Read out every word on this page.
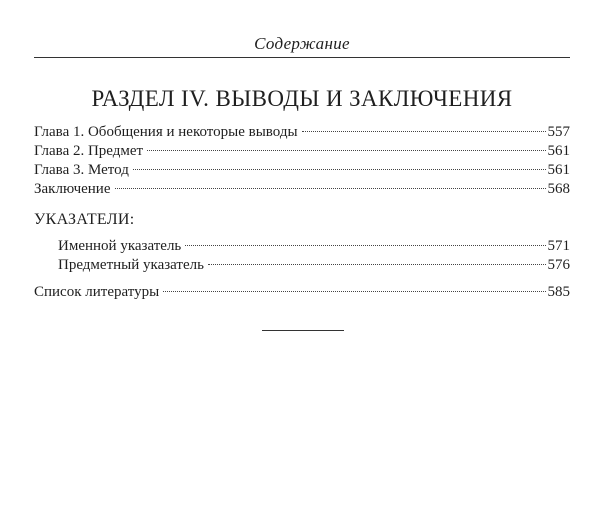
Содержание
РАЗДЕЛ IV. ВЫВОДЫ И ЗАКЛЮЧЕНИЯ
Глава 1. Обобщения и некоторые выводы	557
Глава 2. Предмет	561
Глава 3. Метод	561
Заключение	568
УКАЗАТЕЛИ:
Именной указатель	571
Предметный указатель	576
Список литературы	585
